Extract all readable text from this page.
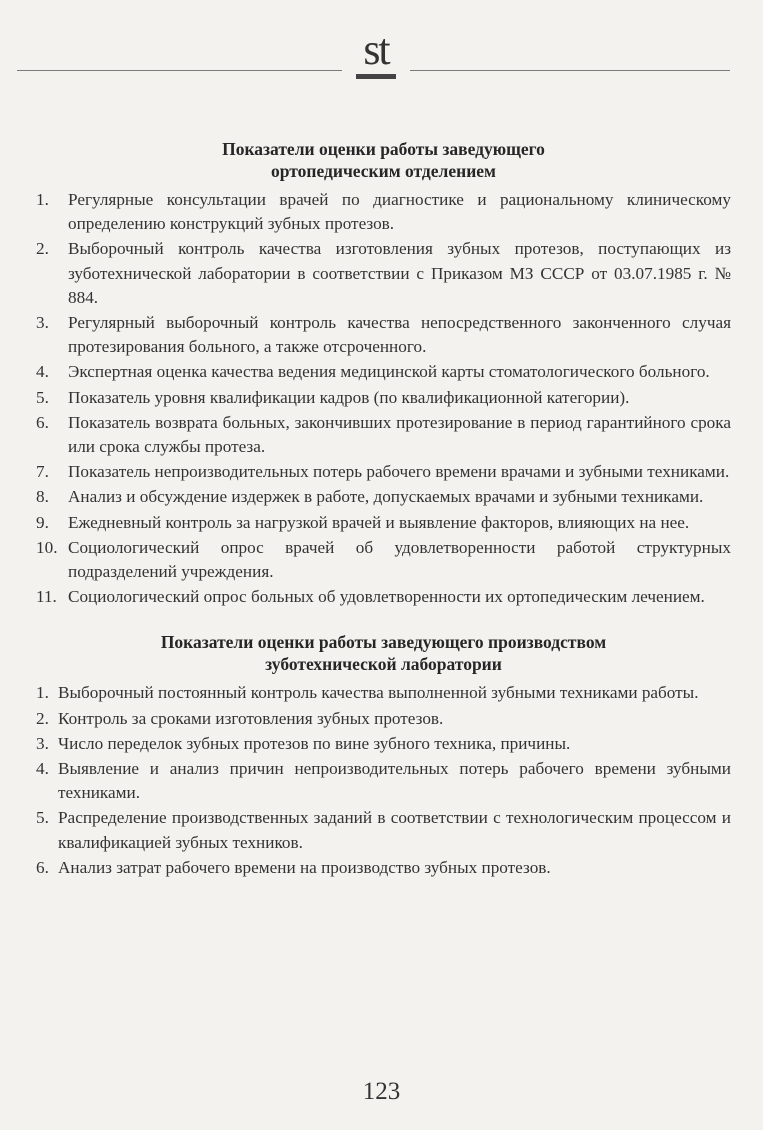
st
Показатели оценки работы заведующего
ортопедическим отделением
1. Регулярные консультации врачей по диагностике и рациональному клиническому определению конструкций зубных протезов.
2. Выборочный контроль качества изготовления зубных протезов, поступающих из зуботехнической лаборатории в соответствии с Приказом МЗ СССР от 03.07.1985 г. № 884.
3. Регулярный выборочный контроль качества непосредственного законченного случая протезирования больного, а также отсроченного.
4. Экспертная оценка качества ведения медицинской карты стоматологического больного.
5. Показатель уровня квалификации кадров (по квалификационной категории).
6. Показатель возврата больных, закончивших протезирование в период гарантийного срока или срока службы протеза.
7. Показатель непроизводительных потерь рабочего времени врачами и зубными техниками.
8. Анализ и обсуждение издержек в работе, допускаемых врачами и зубными техниками.
9. Ежедневный контроль за нагрузкой врачей и выявление факторов, влияющих на нее.
10. Социологический опрос врачей об удовлетворенности работой структурных подразделений учреждения.
11. Социологический опрос больных об удовлетворенности их ортопедическим лечением.
Показатели оценки работы заведующего производством
зуботехнической лаборатории
1. Выборочный постоянный контроль качества выполненной зубными техниками работы.
2. Контроль за сроками изготовления зубных протезов.
3. Число переделок зубных протезов по вине зубного техника, причины.
4. Выявление и анализ причин непроизводительных потерь рабочего времени зубными техниками.
5. Распределение производственных заданий в соответствии с технологическим процессом и квалификацией зубных техников.
6. Анализ затрат рабочего времени на производство зубных протезов.
123
